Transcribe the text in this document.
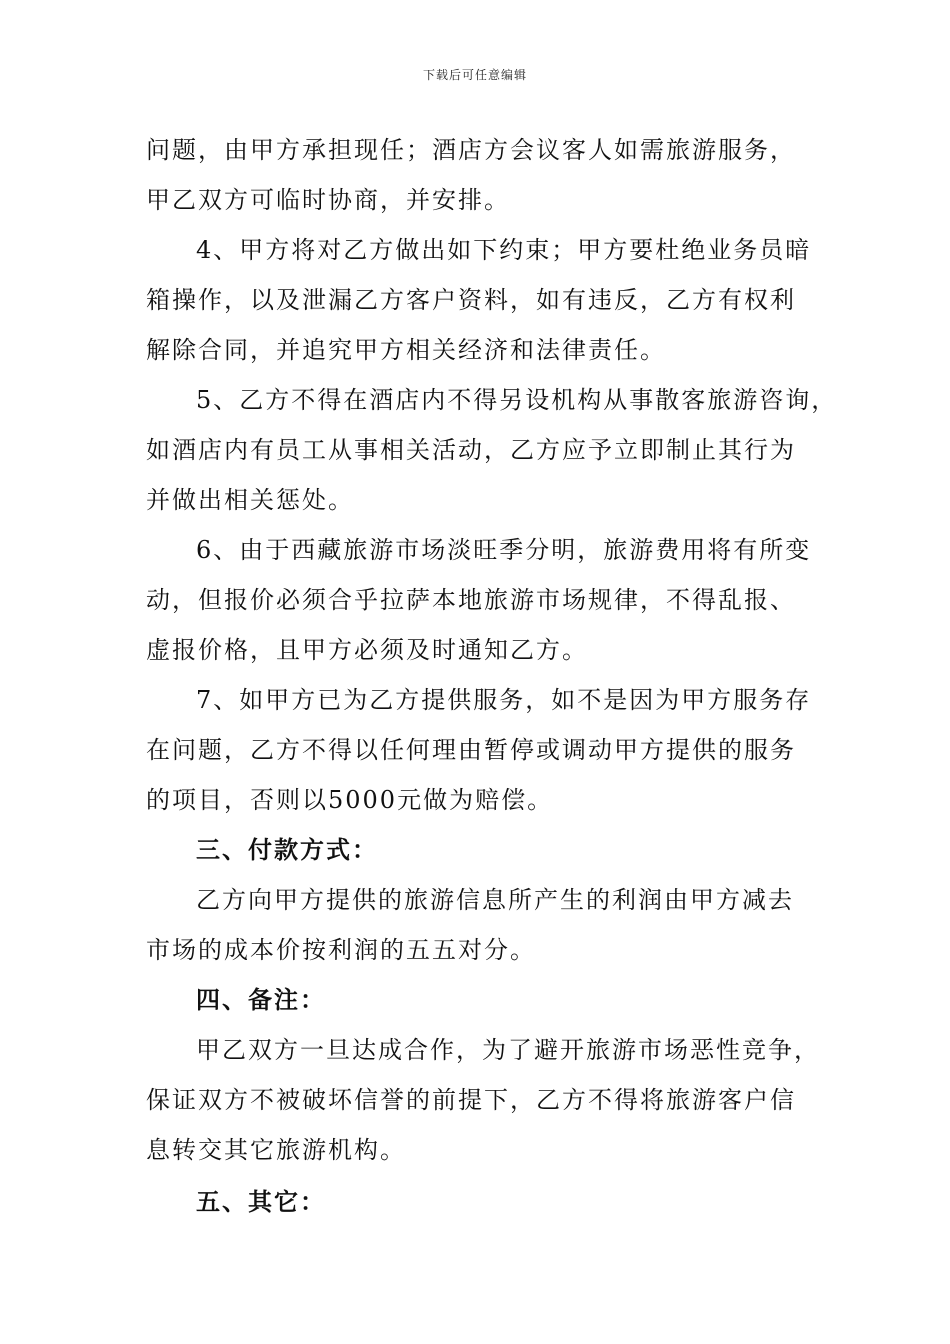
下载后可任意编辑

问题，由甲方承担现任；酒店方会议客人如需旅游服务，

甲乙双方可临时协商，并安排。

4、甲方将对乙方做出如下约束；甲方要杜绝业务员暗

箱操作，以及泄漏乙方客户资料，如有违反，乙方有权利

解除合同，并追究甲方相关经济和法律责任。

5、乙方不得在酒店内不得另设机构从事散客旅游咨询，

如酒店内有员工从事相关活动，乙方应予立即制止其行为

并做出相关惩处。

6、由于西藏旅游市场淡旺季分明，旅游费用将有所变

动，但报价必须合乎拉萨本地旅游市场规律，不得乱报、

虚报价格，且甲方必须及时通知乙方。

7、如甲方已为乙方提供服务，如不是因为甲方服务存

在问题，乙方不得以任何理由暂停或调动甲方提供的服务

的项目，否则以5000元做为赔偿。

三、付款方式：

乙方向甲方提供的旅游信息所产生的利润由甲方减去

市场的成本价按利润的五五对分。

四、备注：

甲乙双方一旦达成合作，为了避开旅游市场恶性竞争，

保证双方不被破坏信誉的前提下，乙方不得将旅游客户信

息转交其它旅游机构。

五、其它：
